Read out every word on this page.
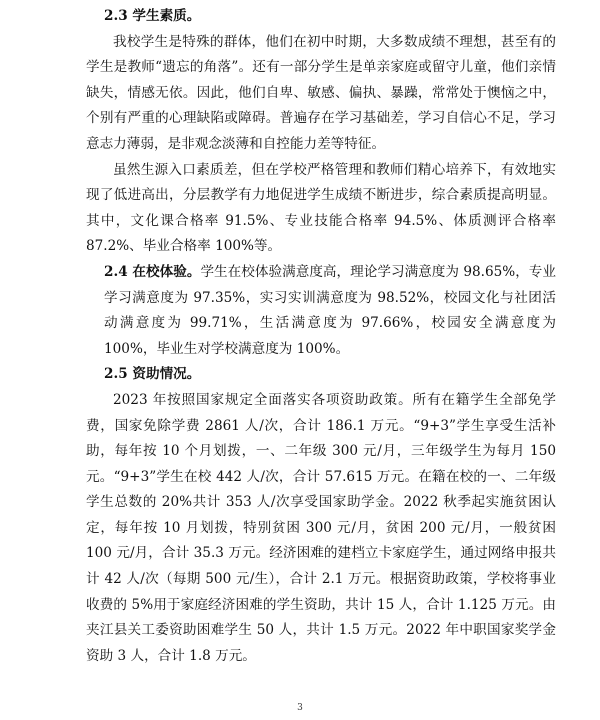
2.3 学生素质。

我校学生是特殊的群体，他们在初中时期，大多数成绩不理想，甚至有的学生是教师“遗忘的角落”。还有一部分学生是单亲家庭或留守儿童，他们亲情缺失，情感无依。因此，他们自卑、敏感、偏执、暴躁，常常处于懊恼之中，个别有严重的心理缺陷或障碍。普遍存在学习基础差，学习自信心不足，学习意志力薄弱，是非观念淡薄和自控能力差等特征。

虽然生源入口素质差，但在学校严格管理和教师们精心培养下，有效地实现了低进高出，分层教学有力地促进学生成绩不断进步，综合素质提高明显。其中，文化课合格率 91.5%、专业技能合格率 94.5%、体质测评合格率 87.2%、毕业合格率 100%等。

2.4 在校体验。学生在校体验满意度高，理论学习满意度为 98.65%，专业学习满意度为 97.35%，实习实训满意度为 98.52%，校园文化与社团活动满意度为 99.71%，生活满意度为 97.66%，校园安全满意度为 100%，毕业生对学校满意度为 100%。

2.5 资助情况。

2023 年按照国家规定全面落实各项资助政策。所有在籍学生全部免学费，国家免除学费 2861 人/次，合计 186.1 万元。“9+3”学生享受生活补助，每年按 10 个月划拨，一、二年级 300 元/月，三年级学生为每月 150 元。“9+3”学生在校 442 人/次，合计 57.615 万元。在籍在校的一、二年级学生总数的 20%共计 353 人/次享受国家助学金。2022 秋季起实施贫困认定，每年按 10 月划拨，特别贫困 300 元/月，贫困 200 元/月，一般贫困 100 元/月，合计 35.3 万元。经济困难的建档立卡家庭学生，通过网络申报共计 42 人/次（每期 500 元/生），合计 2.1 万元。根据资助政策，学校将事业收费的 5%用于家庭经济困难的学生资助，共计 15 人，合计 1.125 万元。由夹江县关工委资助困难学生 50 人，共计 1.5 万元。2022 年中职国家奖学金资助 3 人，合计 1.8 万元。

3
